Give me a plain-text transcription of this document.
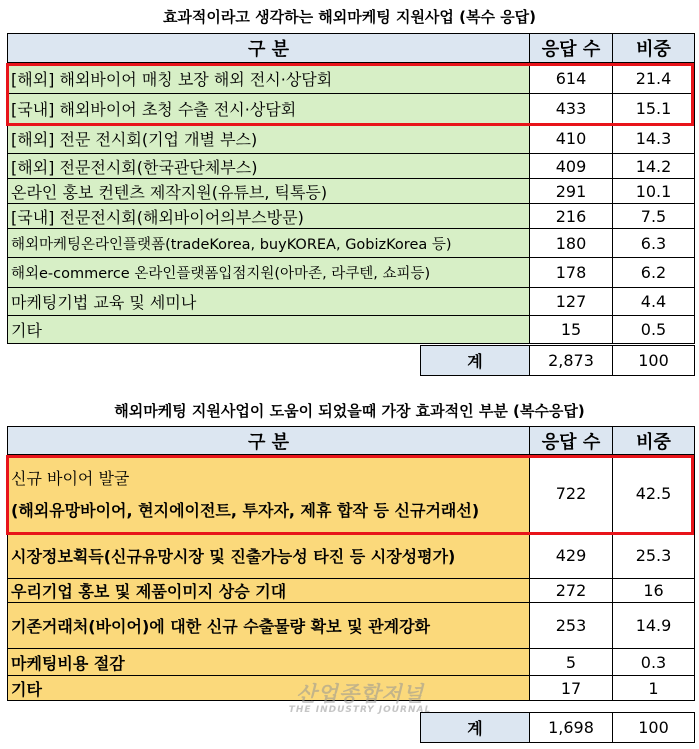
효과적이라고 생각하는 해외마케팅 지원사업 (복수 응답)
구 분	응답 수	비중
[해외] 해외바이어 매칭 보장 해외 전시·상담회	614	21.4
[국내] 해외바이어 초청 수출 전시·상담회	433	15.1
[해외] 전문 전시회(기업 개별 부스)	410	14.3
[해외] 전문전시회(한국관단체부스)	409	14.2
온라인 홍보 컨텐츠 제작지원(유튜브, 틱톡등)	291	10.1
[국내] 전문전시회(해외바이어의부스방문)	216	7.5
해외마케팅온라인플랫폼(tradeKorea, buyKOREA, GobizKorea 등)	180	6.3
해외e-commerce 온라인플랫폼입점지원(아마존, 라쿠텐, 쇼피등)	178	6.2
마케팅기법 교육 및 세미나	127	4.4
기타	15	0.5
계	2,873	100
해외마케팅 지원사업이 도움이 되었을때 가장 효과적인 부분 (복수응답)
구 분	응답 수	비중

신규 바이어 발굴
(해외유망바이어, 현지에이전트, 투자자, 제휴 합작 등 신규거래선)	722	42.5
시장정보획득(신규유망시장 및 진출가능성 타진 등 시장성평가)	429	25.3
우리기업 홍보 및 제품이미지 상승 기대	272	16
기존거래처(바이어)에 대한 신규 수출물량 확보 및 관계강화	253	14.9
마케팅비용 절감	5	0.3
기타	17	1
계	1,698	100
산업종합저널
THE INDUSTRY JOURNAL
